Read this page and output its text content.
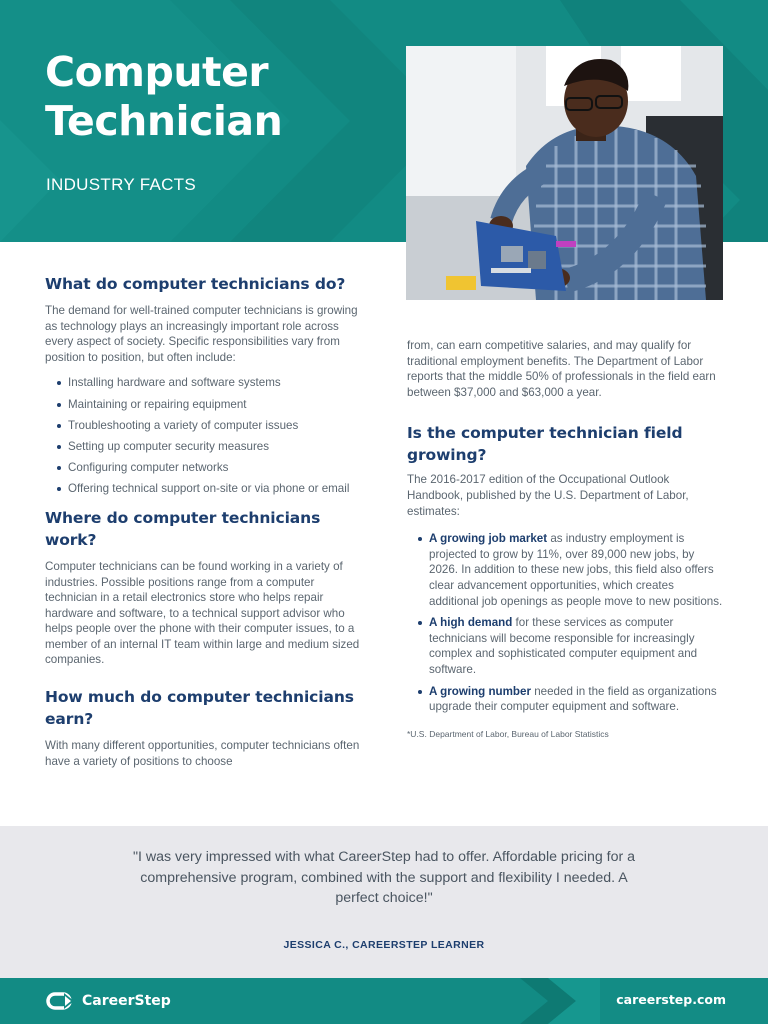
Computer
Technician
INDUSTRY FACTS
What do computer technicians do?

The demand for well-trained computer technicians is growing as technology plays an increasingly important role across every aspect of society. Specific responsibilities vary from position to position, but often include:

Installing hardware and software systems
Maintaining or repairing equipment
Troubleshooting a variety of computer issues
Setting up computer security measures
Configuring computer networks
Offering technical support on-site or via phone or email
Where do computer technicians work?

Computer technicians can be found working in a variety of industries. Possible positions range from a computer technician in a retail electronics store who helps repair hardware and software, to a technical support advisor who helps people over the phone with their computer issues, to a member of an internal IT team within large and medium sized companies.

How much do computer technicians earn?

With many different opportunities, computer technicians often have a variety of positions to choose

from, can earn competitive salaries, and may qualify for traditional employment benefits. The Department of Labor reports that the middle 50% of professionals in the field earn between $37,000 and $63,000 a year.

Is the computer technician field growing?

The 2016-2017 edition of the Occupational Outlook Handbook, published by the U.S. Department of Labor, estimates:

A growing job market as industry employment is projected to grow by 11%, over 89,000 new jobs, by 2026. In addition to these new jobs, this field also offers clear advancement opportunities, which creates additional job openings as people move to new positions.
A high demand for these services as computer technicians will become responsible for increasingly complex and sophisticated computer equipment and software.
A growing number needed in the field as organizations upgrade their computer equipment and software.
*U.S. Department of Labor, Bureau of Labor Statistics
"I was very impressed with what CareerStep had to offer. Affordable pricing for a comprehensive program, combined with the support and flexibility I needed. A perfect choice!"
JESSICA C., CAREERSTEP LEARNER
CareerStep	careerstep.com
